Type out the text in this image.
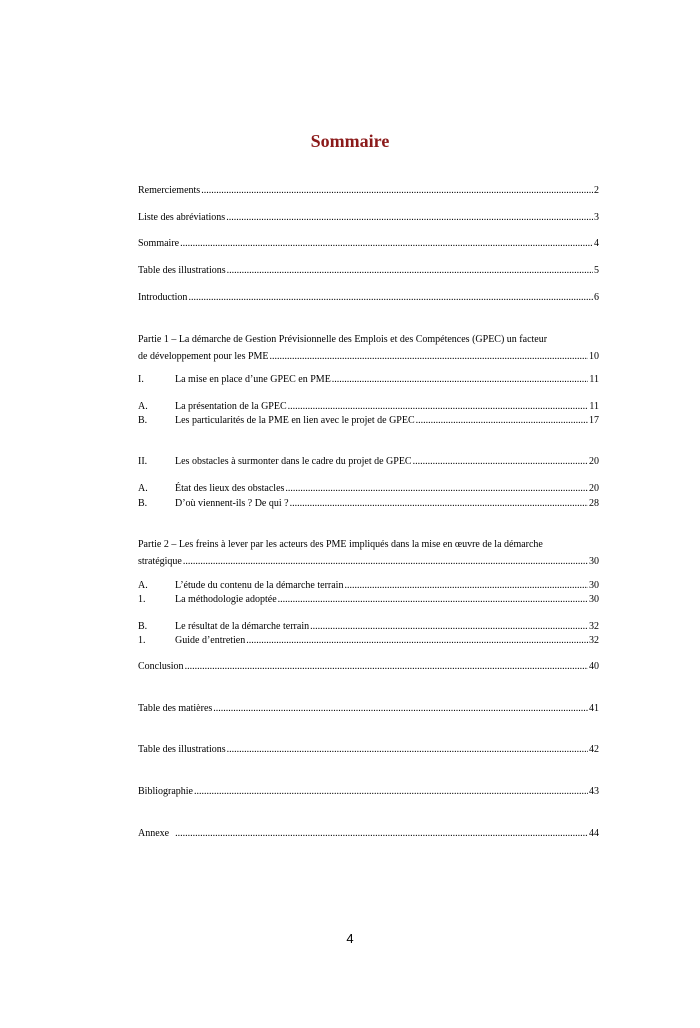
Sommaire
Remerciements .....	2
Liste des abréviations .....	3
Sommaire .....	4
Table des illustrations .....	5
Introduction .....	6
Partie 1 – La démarche de Gestion Prévisionnelle des Emplois et des Compétences (GPEC) un facteur
de développement pour les PME .....	10
I.	La mise en place d’une GPEC en PME .....	11
A.	La présentation de la GPEC .....	11
B.	Les particularités de la PME en lien avec le projet de GPEC .....	17
II.	Les obstacles à surmonter dans le cadre du projet de GPEC .....	20
A.	État des lieux des obstacles .....	20
B.	D’où viennent-ils ? De qui ? .....	28
Partie 2 – Les freins à lever par les acteurs des PME impliqués dans la mise en œuvre de la démarche
stratégique .....	30
A.	L’étude du contenu de la démarche terrain .....	30
1.	La méthodologie adoptée .....	30
B.	Le résultat de la démarche terrain .....	32
1.	Guide d’entretien .....	32
Conclusion .....	40
Table des matières .....	41
Table des illustrations .....	42
Bibliographie .....	43
Annexe .....	44
4
